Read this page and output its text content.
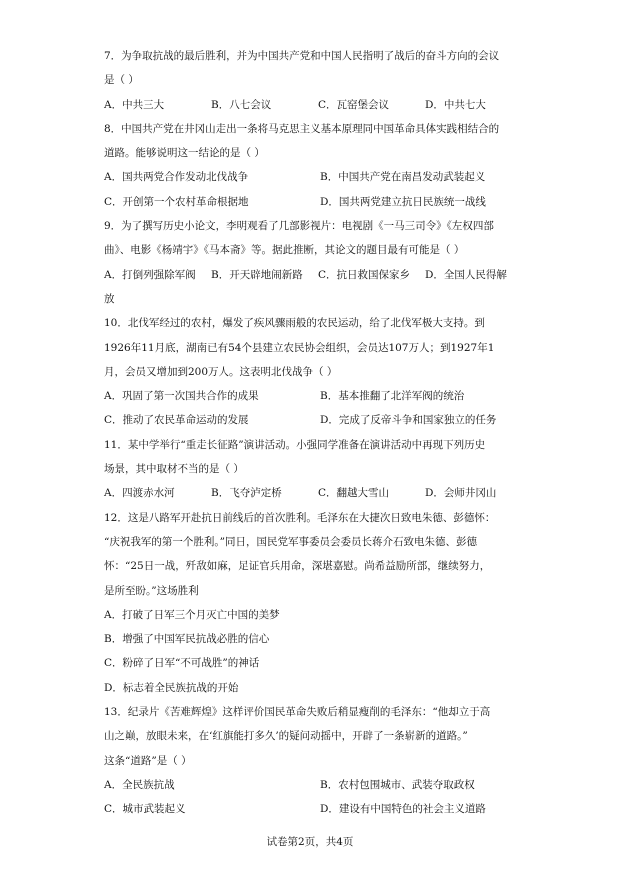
7．为争取抗战的最后胜利，并为中国共产党和中国人民指明了战后的奋斗方向的会议
是（ ）
A．中共三大	B．八七会议	C．瓦窑堡会议	D．中共七大
8．中国共产党在井冈山走出一条将马克思主义基本原理同中国革命具体实践相结合的
道路。能够说明这一结论的是（ ）
A．国共两党合作发动北伐战争	B．中国共产党在南昌发动武装起义
C．开创第一个农村革命根据地	D．国共两党建立抗日民族统一战线
9．为了撰写历史小论文，李明观看了几部影视片：电视剧《一马三司令》《左权四部
曲》、电影《杨靖宇》《马本斋》等。据此推断，其论文的题目最有可能是（ ）
A．打倒列强除军阀	B．开天辟地闹新路	C．抗日救国保家乡	D．全国人民得解
放
10．北伐军经过的农村，爆发了疾风骤雨般的农民运动，给了北伐军极大支持。到
1926年11月底，湖南已有54个县建立农民协会组织，会员达107万人；到1927年1
月，会员又增加到200万人。这表明北伐战争（ ）
A．巩固了第一次国共合作的成果	B．基本推翻了北洋军阀的统治
C．推动了农民革命运动的发展	D．完成了反帝斗争和国家独立的任务
11．某中学举行“重走长征路”演讲活动。小强同学准备在演讲活动中再现下列历史
场景，其中取材不当的是（ ）
A．四渡赤水河	B．飞夺泸定桥	C．翻越大雪山	D．会师井冈山
12．这是八路军开赴抗日前线后的首次胜利。毛泽东在大捷次日致电朱德、彭德怀：
“庆祝我军的第一个胜利。”同日，国民党军事委员会委员长蒋介石致电朱德、彭德
怀：“25日一战，歼敌如麻，足证官兵用命，深堪嘉慰。尚希益励所部，继续努力，
是所至盼。”这场胜利
A．打破了日军三个月灭亡中国的美梦
B．增强了中国军民抗战必胜的信心
C．粉碎了日军“不可战胜”的神话
D．标志着全民族抗战的开始
13．纪录片《苦难辉煌》这样评价国民革命失败后稍显瘦削的毛泽东：“他却立于高
山之巅，放眼未来，在‘红旗能打多久’的疑问动摇中，开辟了一条崭新的道路。”
这条“道路”是（ ）
A．全民族抗战	B．农村包围城市、武装夺取政权
C．城市武装起义	D．建设有中国特色的社会主义道路
试卷第2页，共4页
